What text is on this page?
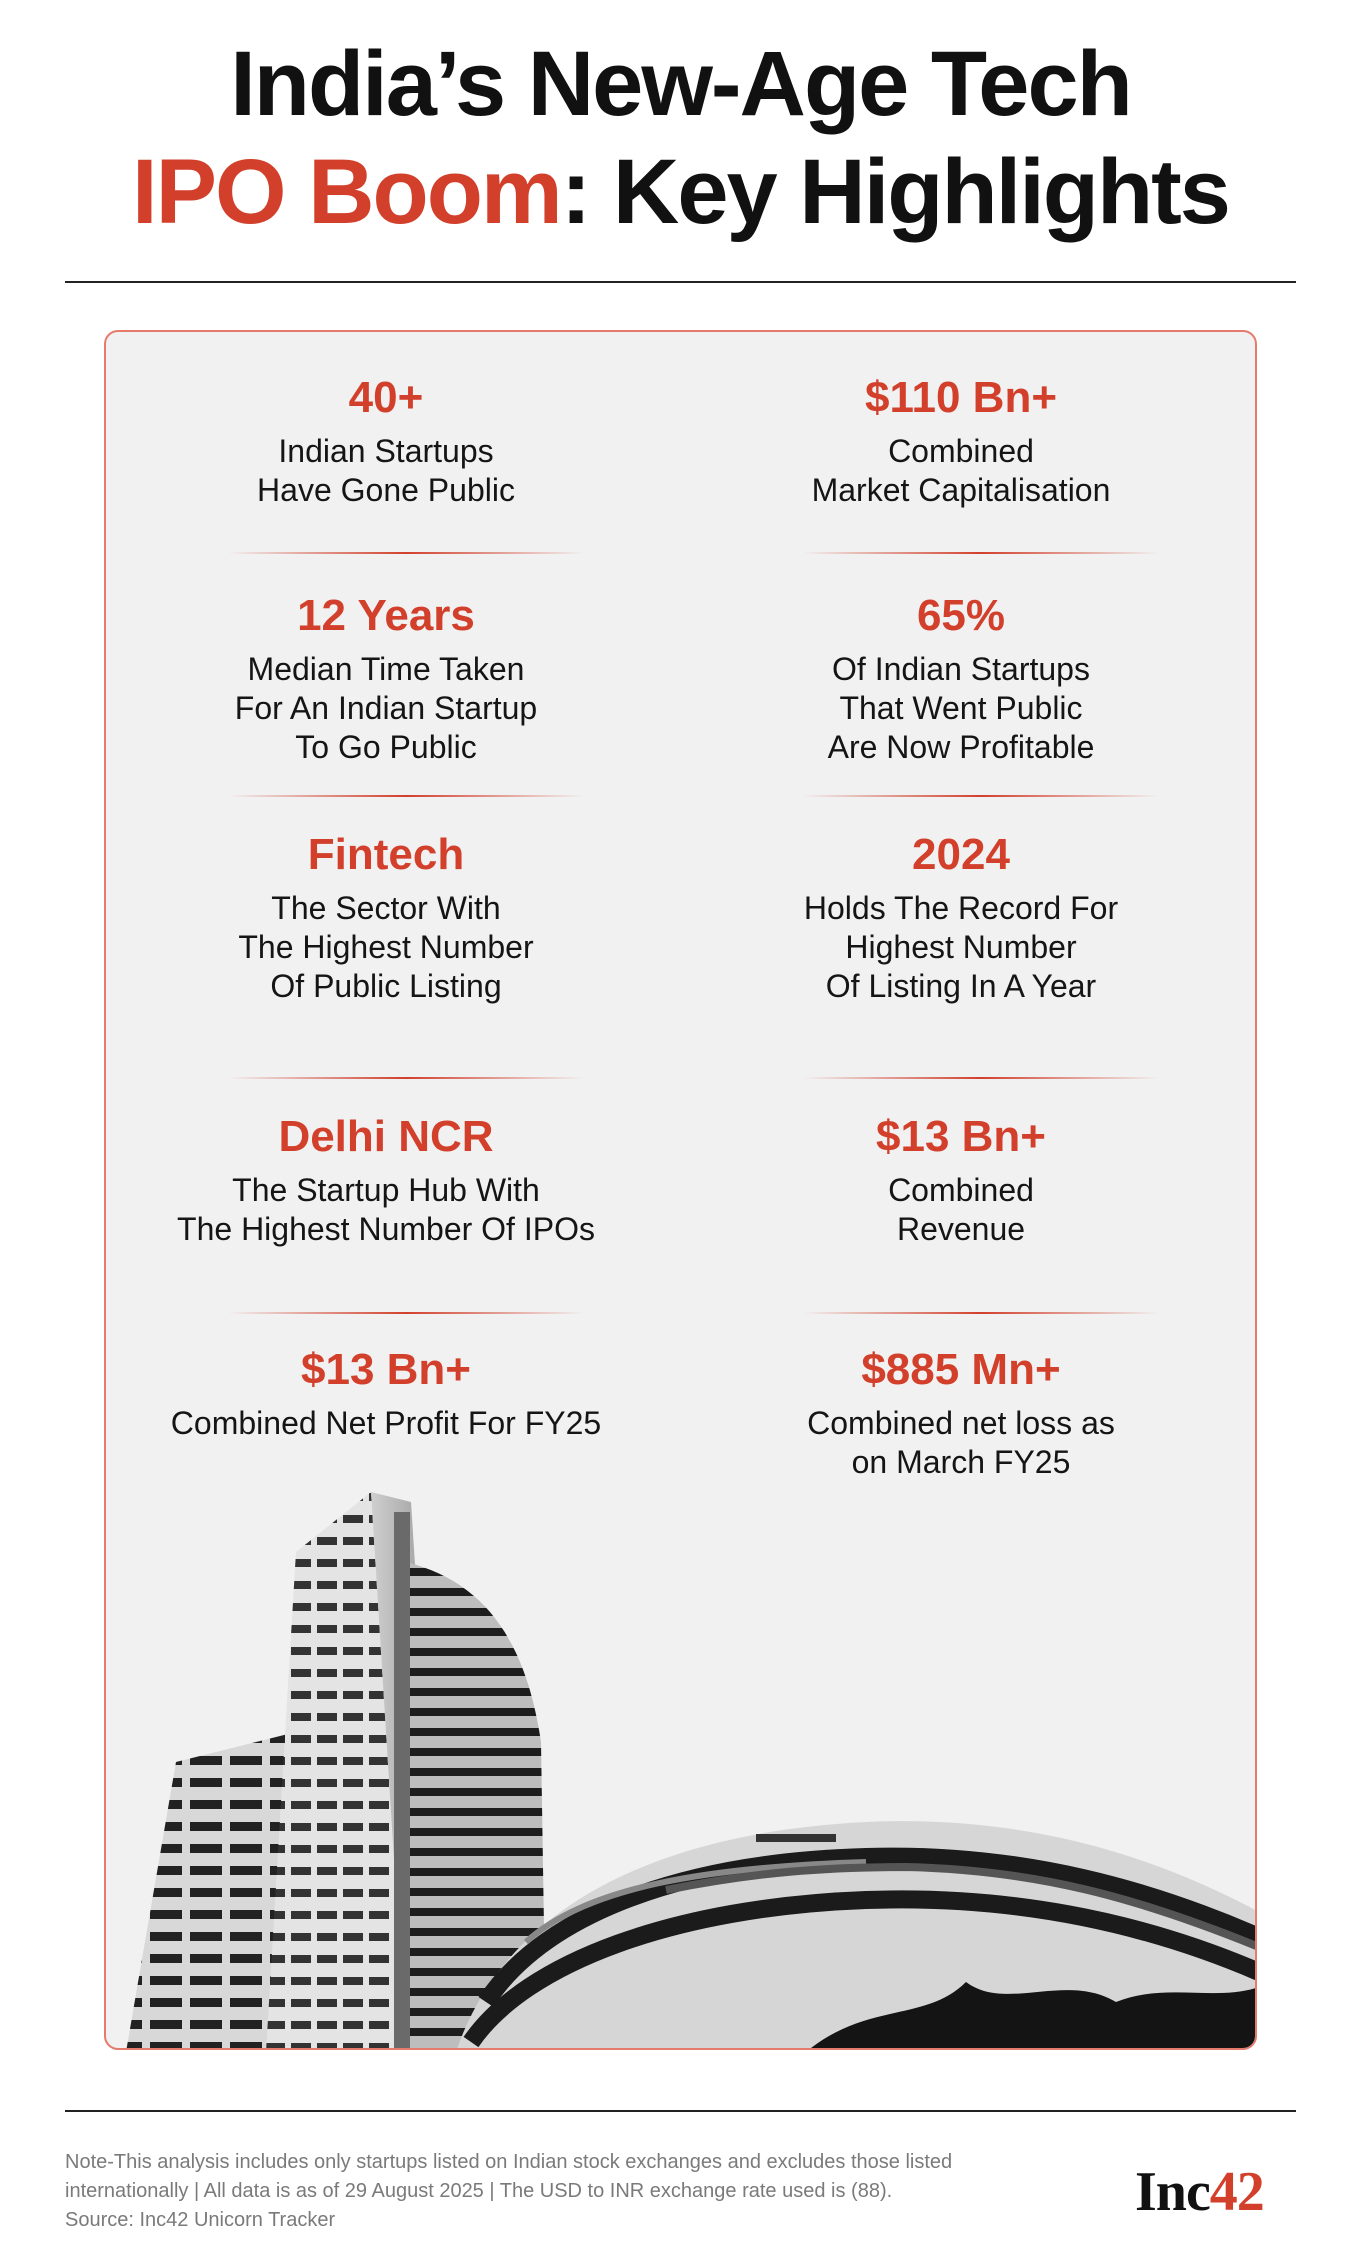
India’s New-Age Tech
IPO Boom: Key Highlights
40+
Indian Startups
Have Gone Public
$110 Bn+
Combined
Market Capitalisation
12 Years
Median Time Taken
For An Indian Startup
To Go Public
65%
Of Indian Startups
That Went Public
Are Now Profitable
Fintech
The Sector With
The Highest Number
Of Public Listing
2024
Holds The Record For
Highest Number
Of Listing In A Year
Delhi NCR
The Startup Hub With
The Highest Number Of IPOs
$13 Bn+
Combined
Revenue
$13 Bn+
Combined Net Profit For FY25
$885 Mn+
Combined net loss as
on March FY25
Note-This analysis includes only startups listed on Indian stock exchanges and excludes those listed
internationally | All data is as of 29 August 2025 | The USD to INR exchange rate used is (88).
Source: Inc42 Unicorn Tracker	Inc42
